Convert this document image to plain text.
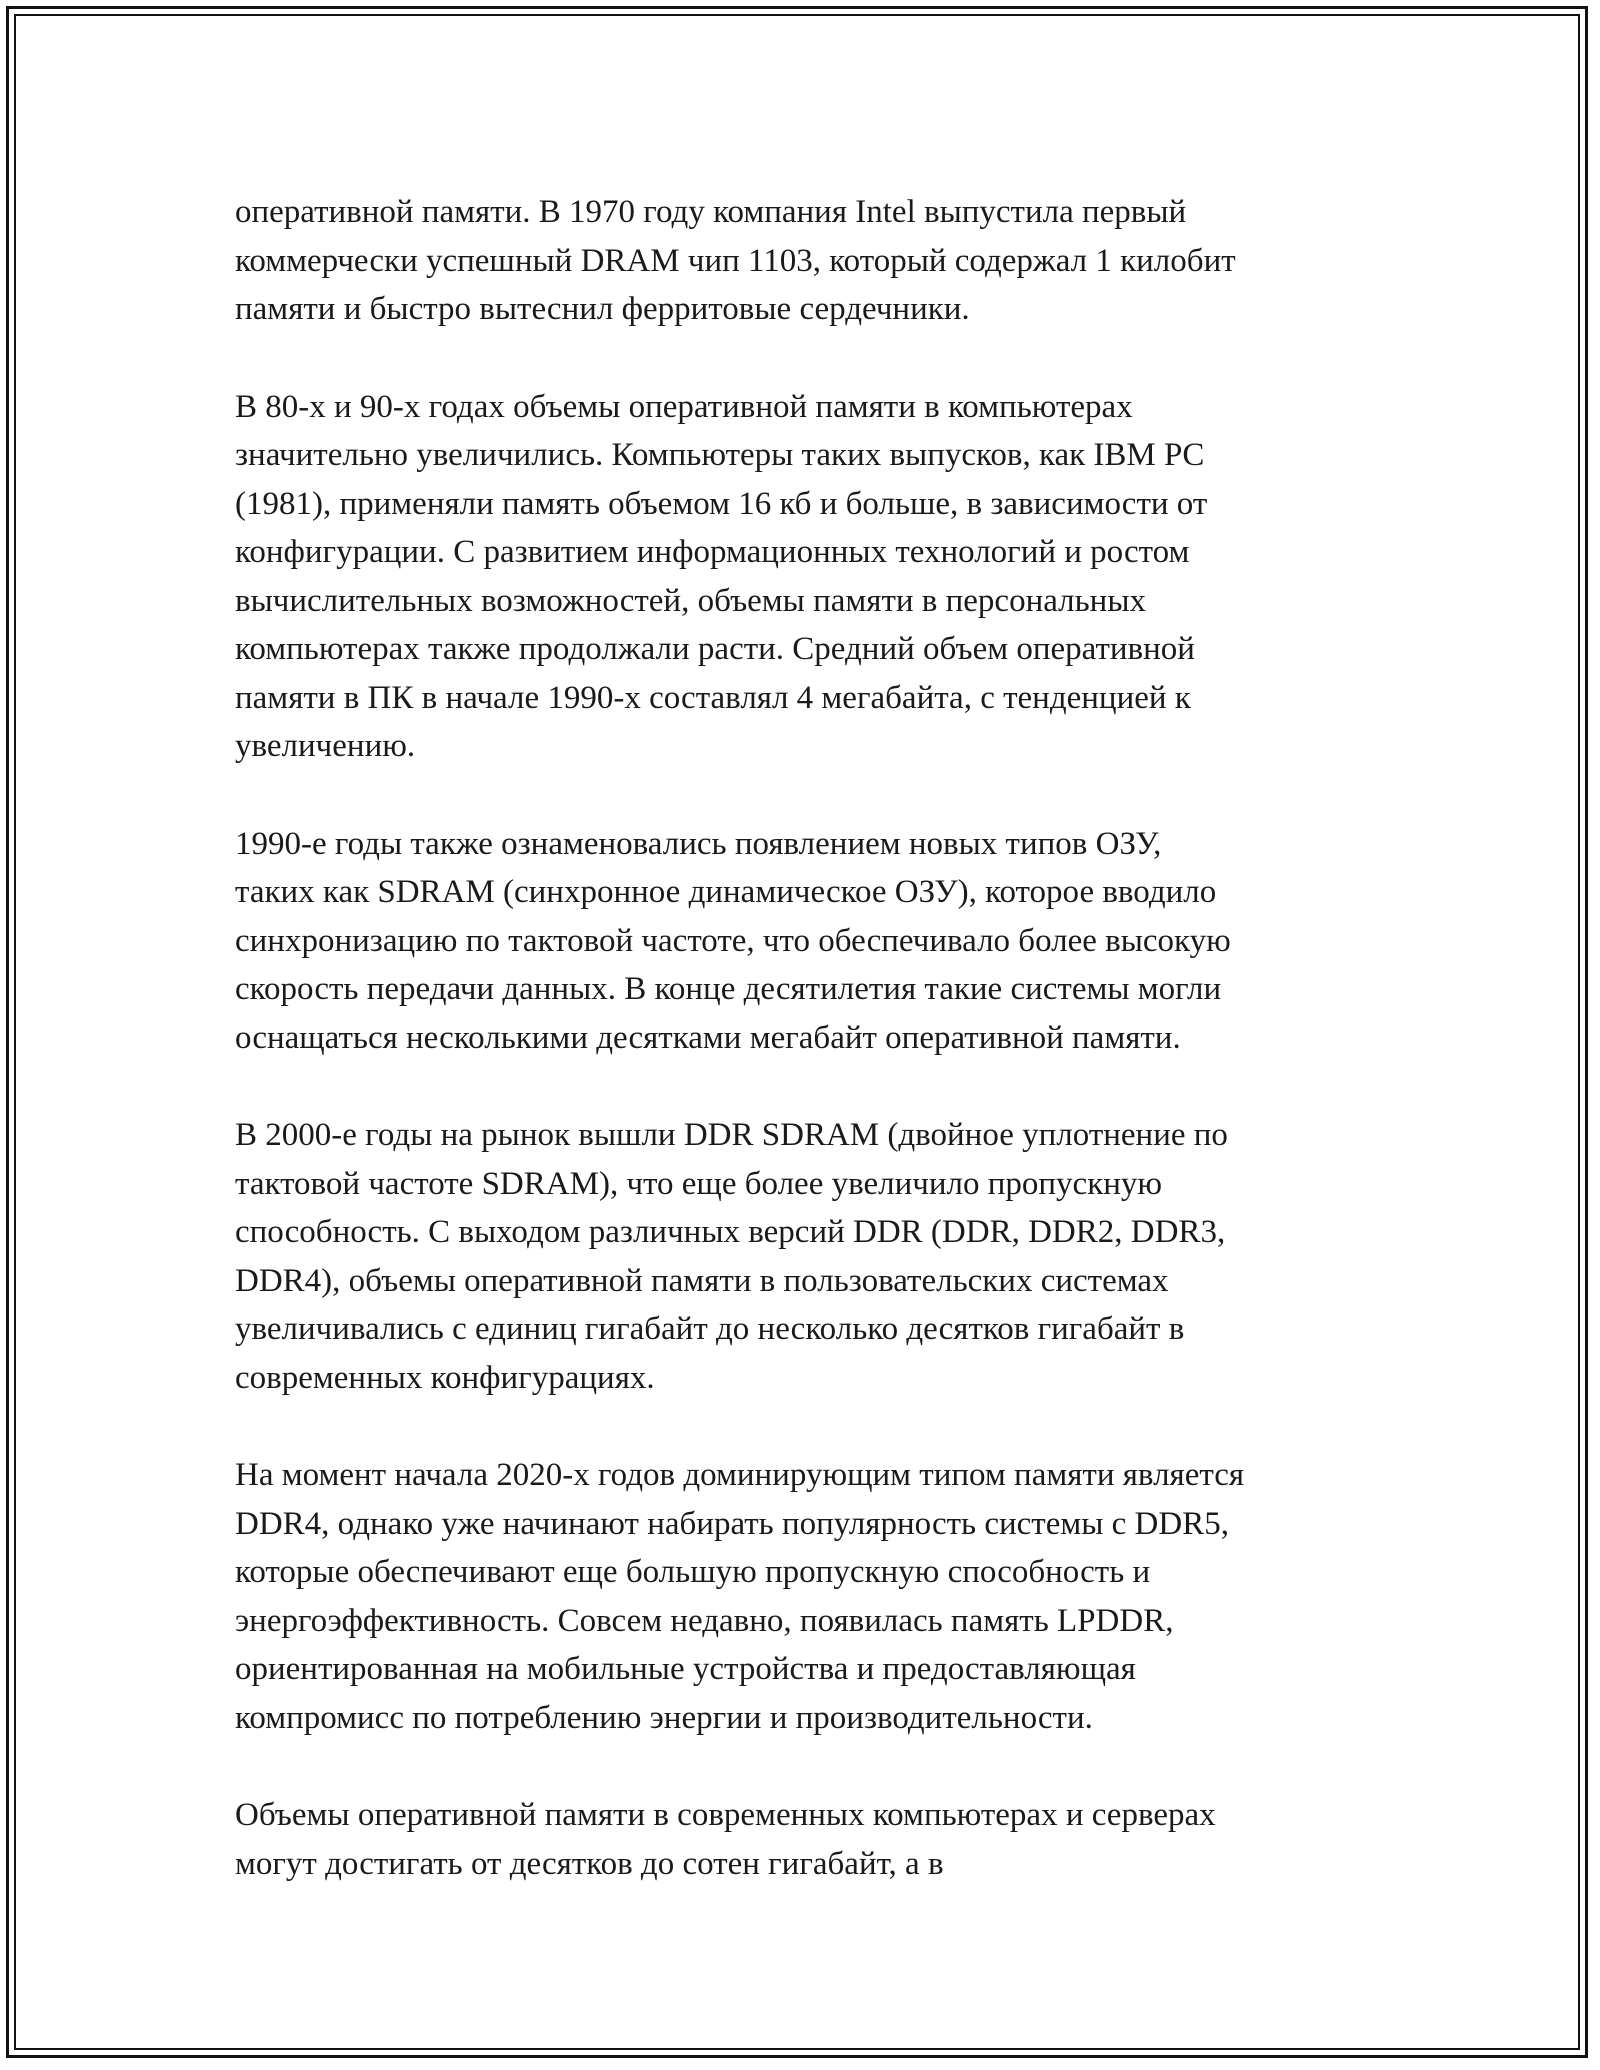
оперативной памяти. В 1970 году компания Intel выпустила первый
коммерчески успешный DRAM чип 1103, который содержал 1 килобит
памяти и быстро вытеснил ферритовые сердечники.

В 80-х и 90-х годах объемы оперативной памяти в компьютерах
значительно увеличились. Компьютеры таких выпусков, как IBM PC
(1981), применяли память объемом 16 кб и больше, в зависимости от
конфигурации. С развитием информационных технологий и ростом
вычислительных возможностей, объемы памяти в персональных
компьютерах также продолжали расти. Средний объем оперативной
памяти в ПК в начале 1990-х составлял 4 мегабайта, с тенденцией к
увеличению.

1990-е годы также ознаменовались появлением новых типов ОЗУ,
таких как SDRAM (синхронное динамическое ОЗУ), которое вводило
синхронизацию по тактовой частоте, что обеспечивало более высокую
скорость передачи данных. В конце десятилетия такие системы могли
оснащаться несколькими десятками мегабайт оперативной памяти.

В 2000-е годы на рынок вышли DDR SDRAM (двойное уплотнение по
тактовой частоте SDRAM), что еще более увеличило пропускную
способность. С выходом различных версий DDR (DDR, DDR2, DDR3,
DDR4), объемы оперативной памяти в пользовательских системах
увеличивались с единиц гигабайт до несколько десятков гигабайт в
современных конфигурациях.

На момент начала 2020-х годов доминирующим типом памяти является
DDR4, однако уже начинают набирать популярность системы с DDR5,
которые обеспечивают еще большую пропускную способность и
энергоэффективность. Совсем недавно, появилась память LPDDR,
ориентированная на мобильные устройства и предоставляющая
компромисс по потреблению энергии и производительности.

Объемы оперативной памяти в современных компьютерах и серверах
могут достигать от десятков до сотен гигабайт, а в
